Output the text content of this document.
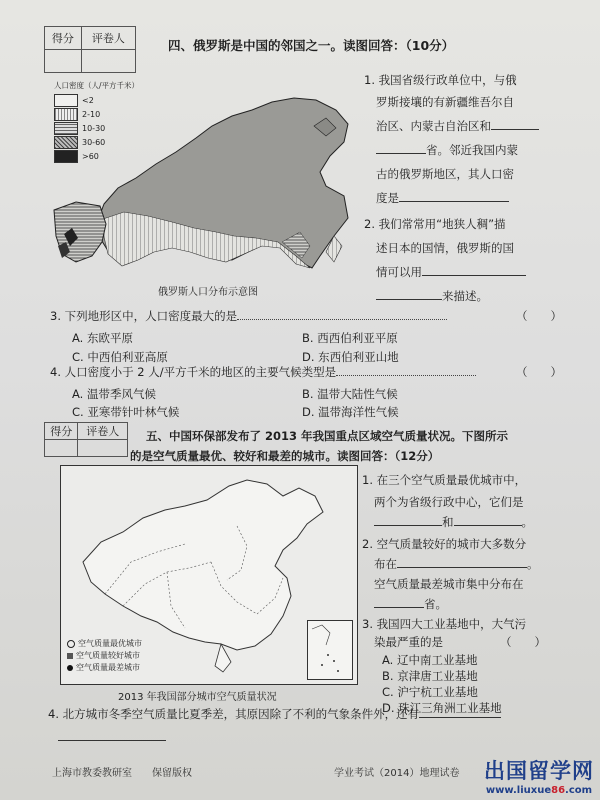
得分	评卷人
		四、俄罗斯是中国的邻国之一。读图回答：（10分）
人口密度（人/平方千米）
<2
2-10
10-30
30-60
>60
俄罗斯人口分布示意图
1. 我国省级行政单位中，与俄
罗斯接壤的有新疆维吾尔自
治区、内蒙古自治区和
省。邻近我国内蒙
古的俄罗斯地区，其人口密
度是
2. 我们常常用“地狭人稠”描
述日本的国情，俄罗斯的国
情可以用
来描述。
3. 下列地形区中，人口密度最大的是	（　　）
A. 东欧平原	B. 西西伯利亚平原
C. 中西伯利亚高原	D. 东西伯利亚山地
4. 人口密度小于 2 人/平方千米的地区的主要气候类型是	（　　）
A. 温带季风气候	B. 温带大陆性气候
C. 亚寒带针叶林气候	D. 温带海洋性气候
得分	评卷人
	五、中国环保部发布了 2013 年我国重点区域空气质量状况。下图所示
的是空气质量最优、较好和最差的城市。读图回答：（12分）
空气质量最优城市
空气质量较好城市
空气质量最差城市
2013 年我国部分城市空气质量状况
1. 在三个空气质量最优城市中，
两个为省级行政中心，它们是
和	。
2. 空气质量较好的城市大多数分
布在	。
空气质量最差城市集中分布在
省。
3. 我国四大工业基地中，大气污
染最严重的是	（　　）
A. 辽中南工业基地
B. 京津唐工业基地
C. 沪宁杭工业基地
D. 珠江三角洲工业基地
4. 北方城市冬季空气质量比夏季差，其原因除了不利的气象条件外，还有
上海市教委教研室 保留版权	学业考试（2014）地理试卷 出国留学网
www.liuxue86.com
